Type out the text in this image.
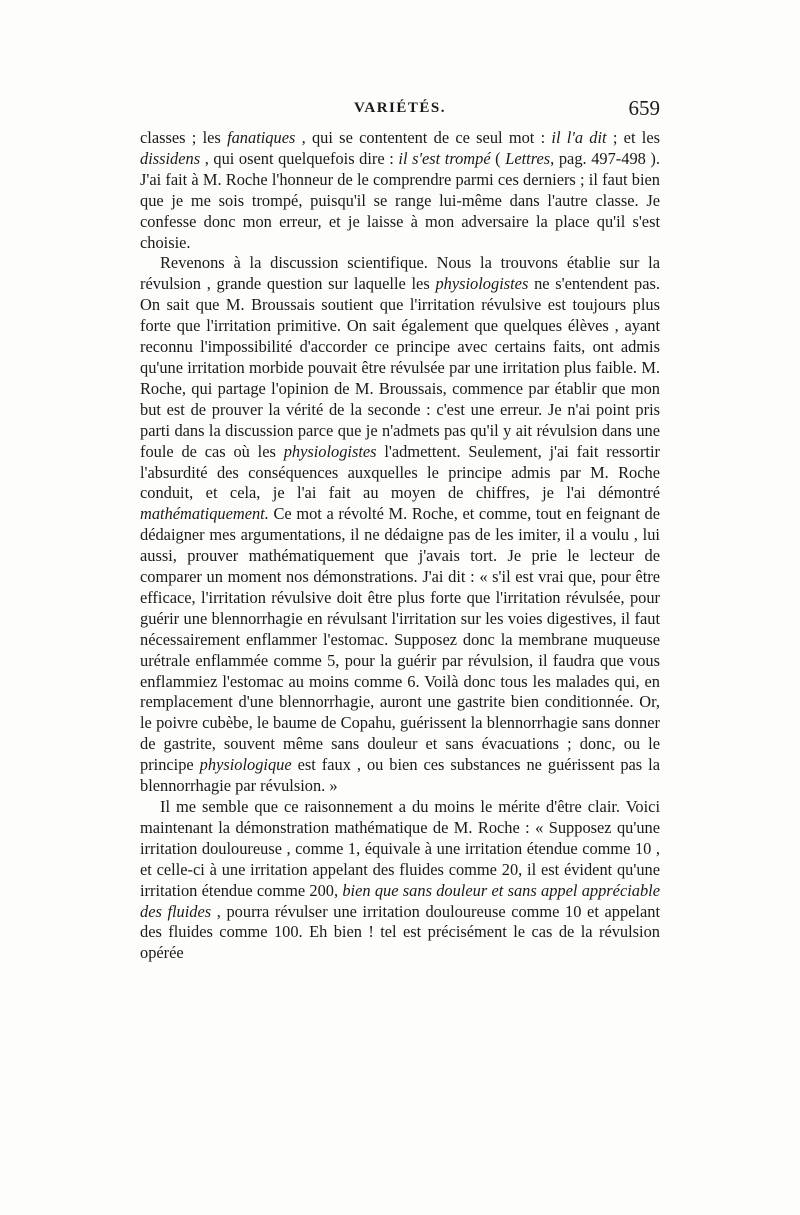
VARIÉTÉS.	659

classes ; les fanatiques , qui se contentent de ce seul mot : il l'a dit ; et les dissidens , qui osent quelquefois dire : il s'est trompé ( Lettres, pag. 497-498 ). J'ai fait à M. Roche l'honneur de le comprendre parmi ces derniers ; il faut bien que je me sois trompé, puisqu'il se range lui-même dans l'autre classe. Je confesse donc mon erreur, et je laisse à mon adversaire la place qu'il s'est choisie.

Revenons à la discussion scientifique. Nous la trouvons établie sur la révulsion , grande question sur laquelle les physiologistes ne s'entendent pas. On sait que M. Broussais soutient que l'irritation révulsive est toujours plus forte que l'irritation primitive. On sait également que quelques élèves , ayant reconnu l'impossibilité d'accorder ce principe avec certains faits, ont admis qu'une irritation morbide pouvait être révulsée par une irritation plus faible. M. Roche, qui partage l'opinion de M. Broussais, commence par établir que mon but est de prouver la vérité de la seconde : c'est une erreur. Je n'ai point pris parti dans la discussion parce que je n'admets pas qu'il y ait révulsion dans une foule de cas où les physiologistes l'admettent. Seulement, j'ai fait ressortir l'absurdité des conséquences auxquelles le principe admis par M. Roche conduit, et cela, je l'ai fait au moyen de chiffres, je l'ai démontré mathématiquement. Ce mot a révolté M. Roche, et comme, tout en feignant de dédaigner mes argumentations, il ne dédaigne pas de les imiter, il a voulu , lui aussi, prouver mathématiquement que j'avais tort. Je prie le lecteur de comparer un moment nos démonstrations. J'ai dit : « s'il est vrai que, pour être efficace, l'irritation révulsive doit être plus forte que l'irritation révulsée, pour guérir une blennorrhagie en révulsant l'irritation sur les voies digestives, il faut nécessairement enflammer l'estomac. Supposez donc la membrane muqueuse urétrale enflammée comme 5, pour la guérir par révulsion, il faudra que vous enflammiez l'estomac au moins comme 6. Voilà donc tous les malades qui, en remplacement d'une blennorrhagie, auront une gastrite bien conditionnée. Or, le poivre cubèbe, le baume de Copahu, guérissent la blennorrhagie sans donner de gastrite, souvent même sans douleur et sans évacuations ; donc, ou le principe physiologique est faux , ou bien ces substances ne guérissent pas la blennorrhagie par révulsion. »

Il me semble que ce raisonnement a du moins le mérite d'être clair. Voici maintenant la démonstration mathématique de M. Roche : « Supposez qu'une irritation douloureuse , comme 1, équivale à une irritation étendue comme 10 , et celle-ci à une irritation appelant des fluides comme 20, il est évident qu'une irritation étendue comme 200, bien que sans douleur et sans appel appréciable des fluides , pourra révulser une irritation douloureuse comme 10 et appelant des fluides comme 100. Eh bien ! tel est précisément le cas de la révulsion opérée
